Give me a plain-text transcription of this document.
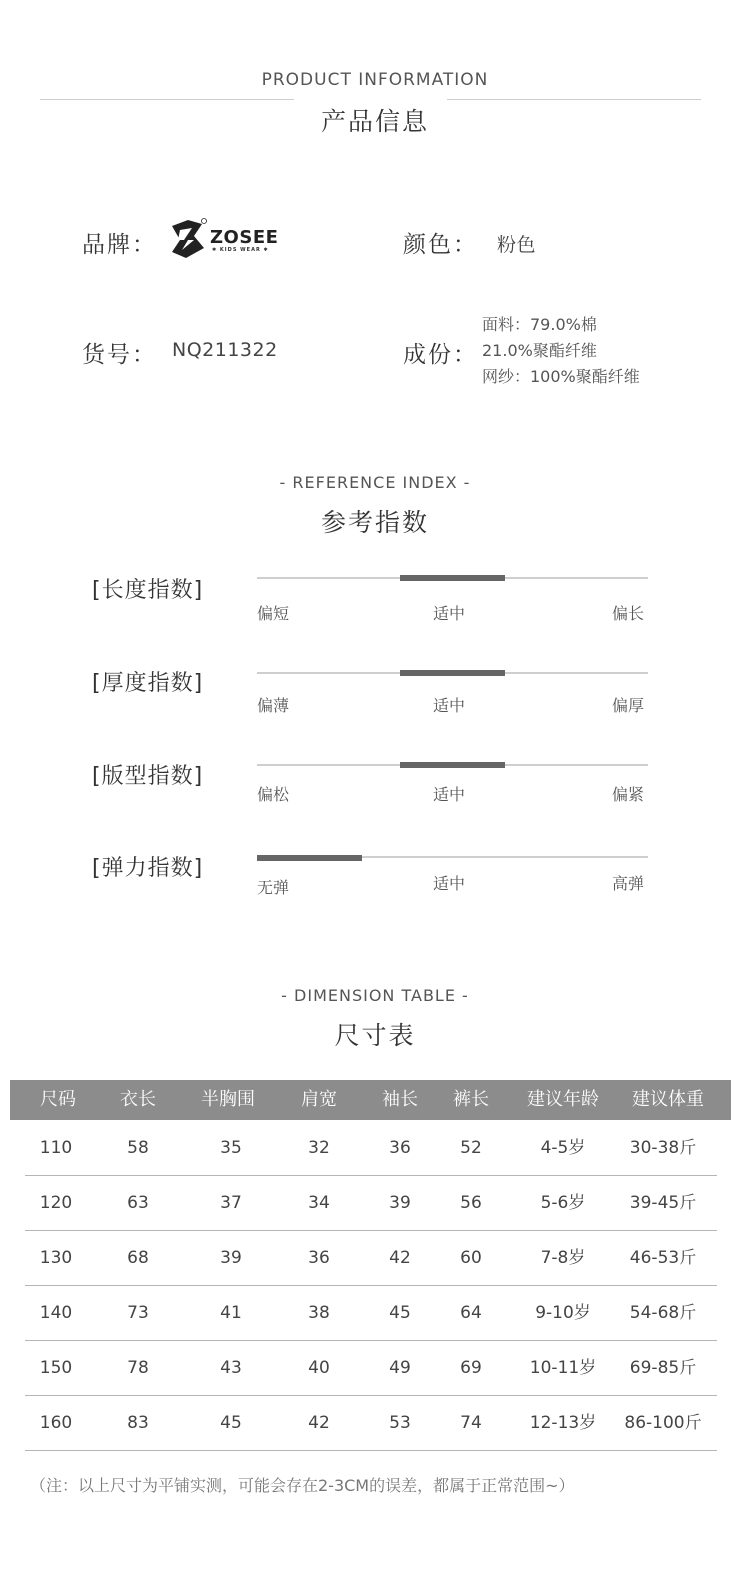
PRODUCT INFORMATION
产品信息
品牌：	ZOSEE
✱ KIDS WEAR ✱	颜色： 粉色
货号： NQ211322	成份：
面料：79.0%棉
21.0%聚酯纤维
网纱：100%聚酯纤维
- REFERENCE INDEX -
参考指数
[长度指数]
偏短	适中	偏长
[厚度指数]
偏薄	适中	偏厚
[版型指数]
偏松	适中	偏紧
[弹力指数]
无弹	适中	高弹
- DIMENSION TABLE -
尺寸表
尺码	衣长	半胸围	肩宽	袖长	裤长	建议年龄	建议体重
110	58	35	32	36	52	4-5岁	30-38斤
120	63	37	34	39	56	5-6岁	39-45斤
130	68	39	36	42	60	7-8岁	46-53斤
140	73	41	38	45	64	9-10岁	54-68斤
150	78	43	40	49	69	10-11岁	69-85斤
160	83	45	42	53	74	12-13岁	86-100斤
（注：以上尺寸为平铺实测，可能会存在2-3CM的误差，都属于正常范围~）
